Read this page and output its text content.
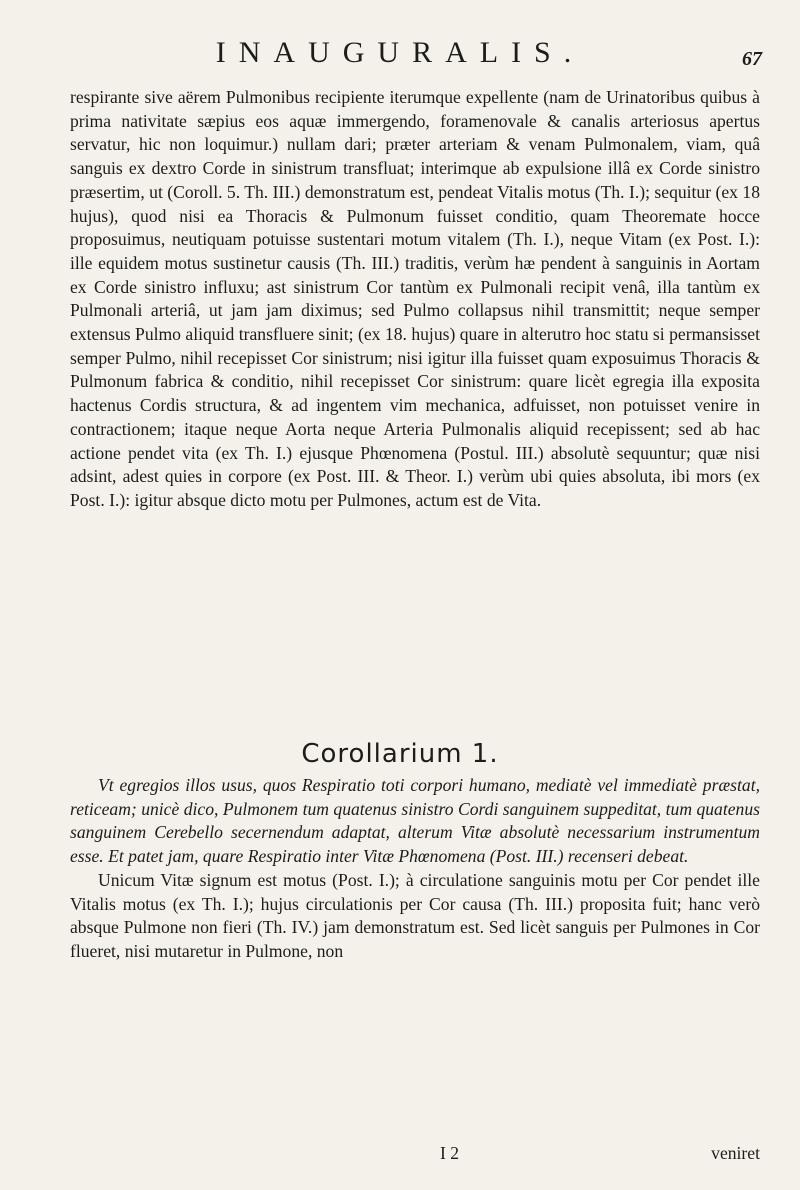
INAUGURALIS.	67

respirante sive aërem Pulmonibus recipiente iterumque expellente (nam de Urinatoribus quibus à prima nativitate sæpius eos aquæ immergendo, foramenovale & canalis arteriosus apertus servatur, hic non loquimur.) nullam dari; præter arteriam & venam Pulmonalem, viam, quâ sanguis ex dextro Corde in sinistrum transfluat; interimque ab expulsione illâ ex Corde sinistro præsertim, ut (Coroll. 5. Th. III.) demonstratum est, pendeat Vitalis motus (Th. I.); sequitur (ex 18 hujus), quod nisi ea Thoracis & Pulmonum fuisset conditio, quam Theoremate hocce proposuimus, neutiquam potuisse sustentari motum vitalem (Th. I.), neque Vitam (ex Post. I.): ille equidem motus sustinetur causis (Th. III.) traditis, verùm hæ pendent à sanguinis in Aortam ex Corde sinistro influxu; ast sinistrum Cor tantùm ex Pulmonali recipit venâ, illa tantùm ex Pulmonali arteriâ, ut jam jam diximus; sed Pulmo collapsus nihil transmittit; neque semper extensus Pulmo aliquid transfluere sinit; (ex 18. hujus) quare in alterutro hoc statu si permansisset semper Pulmo, nihil recepisset Cor sinistrum; nisi igitur illa fuisset quam exposuimus Thoracis & Pulmonum fabrica & conditio, nihil recepisset Cor sinistrum: quare licèt egregia illa exposita hactenus Cordis structura, & ad ingentem vim mechanica, adfuisset, non potuisset venire in contractionem; itaque neque Aorta neque Arteria Pulmonalis aliquid recepissent; sed ab hac actione pendet vita (ex Th. I.) ejusque Phœnomena (Postul. III.) absolutè sequuntur; quæ nisi adsint, adest quies in corpore (ex Post. III. & Theor. I.) verùm ubi quies absoluta, ibi mors (ex Post. I.): igitur absque dicto motu per Pulmones, actum est de Vita.

Corollarium 1.

Vt egregios illos usus, quos Respiratio toti corpori humano, mediatè vel immediatè præstat, reticeam; unicè dico, Pulmonem tum quatenus sinistro Cordi sanguinem suppeditat, tum quatenus sanguinem Cerebello secernendum adaptat, alterum Vitæ absolutè necessarium instrumentum esse. Et patet jam, quare Respiratio inter Vitæ Phœnomena (Post. III.) recenseri debeat.

Unicum Vitæ signum est motus (Post. I.); à circulatione sanguinis motu per Cor pendet ille Vitalis motus (ex Th. I.); hujus circulationis per Cor causa (Th. III.) proposita fuit; hanc verò absque Pulmone non fieri (Th. IV.) jam demonstratum est. Sed licèt sanguis per Pulmones in Cor flueret, nisi mutaretur in Pulmone, non

I 2	veniret
